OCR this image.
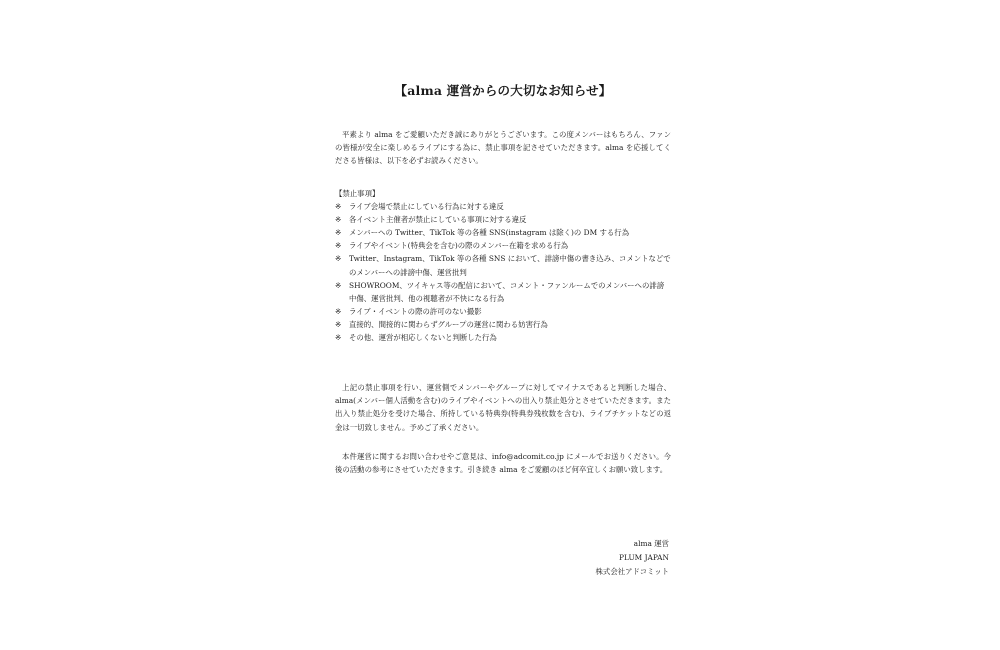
【alma 運営からの大切なお知らせ】

平素より alma をご愛顧いただき誠にありがとうございます。この度メンバーはもちろん、ファンの皆様が安全に楽しめるライブにする為に、禁止事項を記させていただきます。alma を応援してくださる皆様は、以下を必ずお読みください。

【禁止事項】
※	ライブ会場で禁止にしている行為に対する違反
※	各イベント主催者が禁止にしている事項に対する違反
※	メンバーへの Twitter、TikTok 等の各種 SNS(instagram は除く)の DM する行為
※	ライブやイベント(特典会を含む)の際のメンバー在籍を求める行為
※	Twitter、Instagram、TikTok 等の各種 SNS において、誹謗中傷の書き込み、コメントなどでのメンバーへの誹謗中傷、運営批判
※	SHOWROOM、ツイキャス等の配信において、コメント・ファンルームでのメンバーへの誹謗中傷、運営批判、他の視聴者が不快になる行為
※	ライブ・イベントの際の許可のない撮影
※	直接的、間接的に関わらずグループの運営に関わる妨害行為
※	その他、運営が相応しくないと判断した行為

上記の禁止事項を行い、運営側でメンバーやグループに対してマイナスであると判断した場合、alma(メンバー個人活動を含む)のライブやイベントへの出入り禁止処分とさせていただきます。また出入り禁止処分を受けた場合、所持している特典券(特典券残枚数を含む)、ライブチケットなどの返金は一切致しません。予めご了承ください。

本件運営に関するお問い合わせやご意見は、info@adcomit.co.jp にメールでお送りください。今後の活動の参考にさせていただきます。引き続き alma をご愛顧のほど何卒宜しくお願い致します。

alma 運営
PLUM JAPAN
株式会社アドコミット
